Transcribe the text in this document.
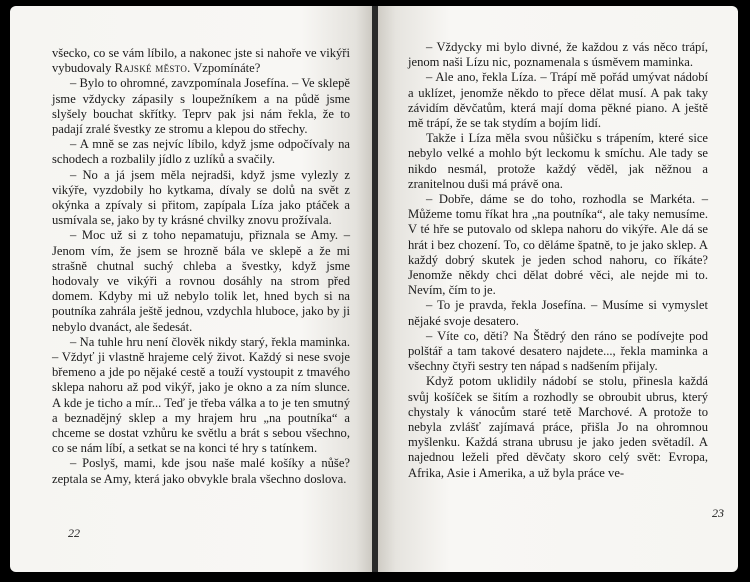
všecko, co se vám líbilo, a nakonec jste si nahoře ve vikýři vybudovaly Rajské město. Vzpomínáte?

– Bylo to ohromné, zavzpomínala Josefína. – Ve sklepě jsme vždycky zápasily s loupežníkem a na půdě jsme slyšely bouchat skřítky. Teprv pak jsi nám řekla, že to padají zralé švestky ze stromu a klepou do střechy.

– A mně se zas nejvíc líbilo, když jsme odpočívaly na schodech a rozbalily jídlo z uzlíků a svačily.

– No a já jsem měla nejradši, když jsme vylezly z vikýře, vyzdobily ho kytkama, dívaly se dolů na svět z okýnka a zpívaly si přitom, zapípala Líza jako ptáček a usmívala se, jako by ty krásné chvilky znovu prožívala.

– Moc už si z toho nepamatuju, přiznala se Amy. – Jenom vím, že jsem se hrozně bála ve sklepě a že mi strašně chutnal suchý chleba a švestky, když jsme hodovaly ve vikýři a rovnou dosáhly na strom před domem. Kdyby mi už nebylo tolik let, hned bych si na poutníka zahrála ještě jednou, vzdychla hluboce, jako by ji nebylo dvanáct, ale šedesát.

– Na tuhle hru není člověk nikdy starý, řekla maminka. – Vždyť ji vlastně hrajeme celý život. Každý si nese svoje břemeno a jde po nějaké cestě a touží vystoupit z tmavého sklepa nahoru až pod vikýř, jako je okno a za ním slunce. A kde je ticho a mír... Teď je třeba válka a to je ten smutný a beznadějný sklep a my hrajem hru „na poutníka“ a chceme se dostat vzhůru ke světlu a brát s sebou všechno, co se nám líbí, a setkat se na konci té hry s tatínkem.

– Poslyš, mami, kde jsou naše malé košíky a nůše? zeptala se Amy, která jako obvykle brala všechno doslova.

22

– Vždycky mi bylo divné, že každou z vás něco trápí, jenom naši Lízu nic, poznamenala s úsměvem maminka.

– Ale ano, řekla Líza. – Trápí mě pořád umývat nádobí a uklízet, jenomže někdo to přece dělat musí. A pak taky závidím děvčatům, která mají doma pěkné piano. A ještě mě trápí, že se tak stydím a bojím lidí.

Takže i Líza měla svou nůšičku s trápením, které sice nebylo velké a mohlo být leckomu k smíchu. Ale tady se nikdo nesmál, protože každý věděl, jak něžnou a zranitelnou duši má právě ona.

– Dobře, dáme se do toho, rozhodla se Markéta. – Můžeme tomu říkat hra „na poutníka“, ale taky nemusíme. V té hře se putovalo od sklepa nahoru do vikýře. Ale dá se hrát i bez chození. To, co děláme špatně, to je jako sklep. A každý dobrý skutek je jeden schod nahoru, co říkáte? Jenomže někdy chci dělat dobré věci, ale nejde mi to. Nevím, čím to je.

– To je pravda, řekla Josefína. – Musíme si vymyslet nějaké svoje desatero.

– Víte co, děti? Na Štědrý den ráno se podívejte pod polštář a tam takové desatero najdete..., řekla maminka a všechny čtyři sestry ten nápad s nadšením přijaly.

Když potom uklidily nádobí se stolu, přinesla každá svůj košíček se šitím a rozhodly se obroubit ubrus, který chystaly k vánocům staré tetě Marchové. A protože to nebyla zvlášť zajímavá práce, přišla Jo na ohromnou myšlenku. Každá strana ubrusu je jako jeden světadíl. A najednou leželi před děvčaty skoro celý svět: Evropa, Afrika, Asie i Amerika, a už byla práce ve-

23
